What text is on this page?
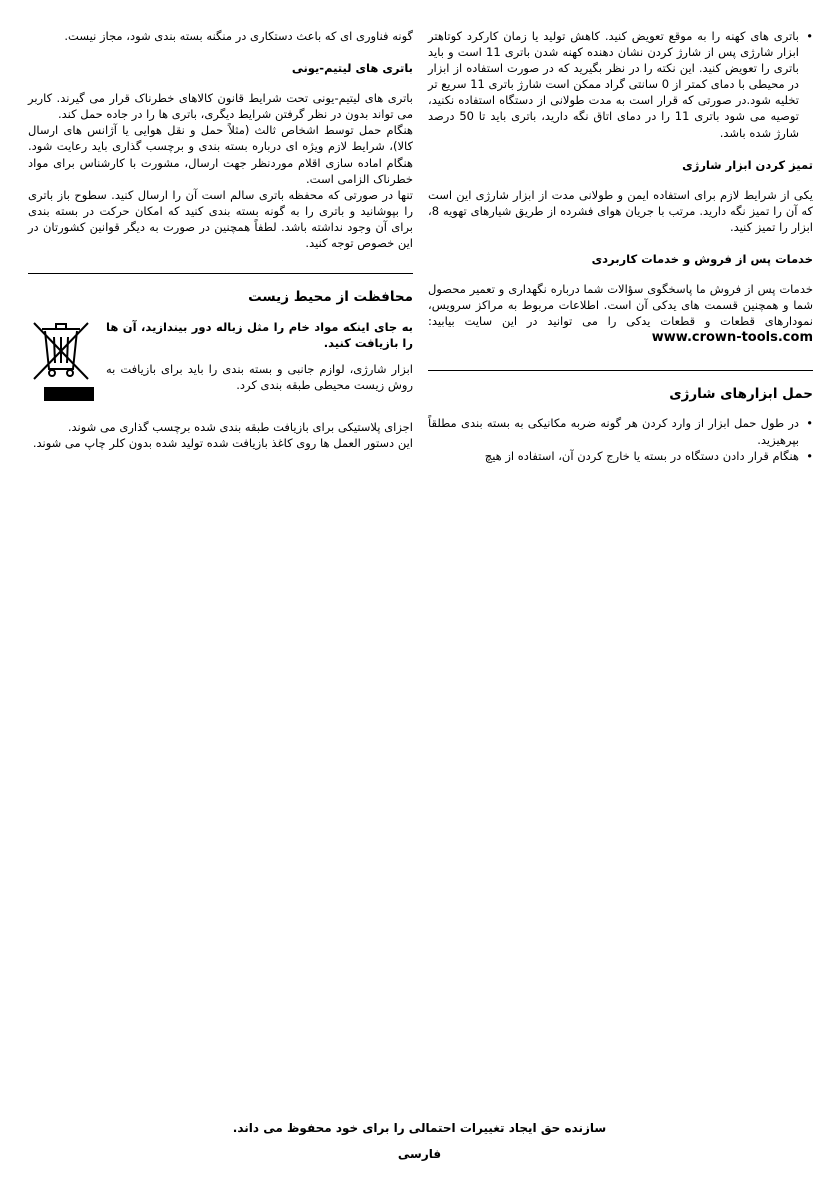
• باتری های کهنه را به موقع تعویض کنید. کاهش تولید یا زمان کارکرد کوتاهتر ابزار شارژی پس از شارژ کردن نشان دهنده کهنه شدن باتری 11 است و باید باتری را تعویض کنید. این نکته را در نظر بگیرید که در صورت استفاده از ابزار در محیطی با دمای کمتر از 0 سانتی گراد ممکن است شارژ باتری 11 سریع تر تخلیه شود.در صورتی که قرار است به مدت طولانی از دستگاه استفاده نکنید، توصیه می شود باتری 11 را در دمای اتاق نگه دارید، باتری باید تا 50 درصد شارژ شده باشد.

تمیز کردن ابزار شارژی

یکی از شرایط لازم برای استفاده ایمن و طولانی مدت از ابزار شارژی این است که آن را تمیز نگه دارید. مرتب با جریان هوای فشرده از طریق شیارهای تهویه 8، ابزار را تمیز کنید.

خدمات پس از فروش و خدمات کاربردی

خدمات پس از فروش ما پاسخگوی سؤالات شما درباره نگهداری و تعمیر محصول شما و همچنین قسمت های یدکی آن است. اطلاعات مربوط به مراکز سرویس، نمودارهای قطعات و قطعات یدکی را می توانید در این سایت بیابید: www.crown-tools.com

حمل ابزارهای شارژی

• در طول حمل ابزار از وارد کردن هر گونه ضربه مکانیکی به بسته بندی مطلقاً بپرهیزید.

• هنگام قرار دادن دستگاه در بسته یا خارج کردن آن، استفاده از هیچ

گونه فناوری ای که باعث دستکاری در منگنه بسته بندی شود، مجاز نیست.

باتری های لیتیم-یونی

باتری های لیتیم-یونی تحت شرایط قانون کالاهای خطرناک قرار می گیرند. کاربر می تواند بدون در نظر گرفتن شرایط دیگری، باتری ها را در جاده حمل کند.

هنگام حمل توسط اشخاص ثالث (مثلاً حمل و نقل هوایی یا آژانس های ارسال کالا)، شرایط لازم ویژه ای درباره بسته بندی و برچسب گذاری باید رعایت شود. هنگام اماده سازی اقلام موردنظر جهت ارسال، مشورت با کارشناس برای مواد خطرناک الزامی است.

تنها در صورتی که محفظه باتری سالم است آن را ارسال کنید. سطوح باز باتری را بپوشانید و باتری را به گونه بسته بندی کنید که امکان حرکت در بسته بندی برای آن وجود نداشته باشد. لطفاً همچنین در صورت به دیگر قوانین کشورتان در این خصوص توجه کنید.

محافظت از محیط زیست

به جای اینکه مواد خام را مثل زباله دور بیندازید، آن ها را بازیافت کنید.

ابزار شارژی، لوازم جانبی و بسته بندی را باید برای بازیافت به روش زیست محیطی طبقه بندی کرد.

اجزای پلاستیکی برای بازیافت طبقه بندی شده برچسب گذاری می شوند.

این دستور العمل ها روی کاغذ بازیافت شده تولید شده بدون کلر چاپ می شوند.

سازنده حق ایجاد تغییرات احتمالی را برای خود محفوظ می داند.
فارسی
